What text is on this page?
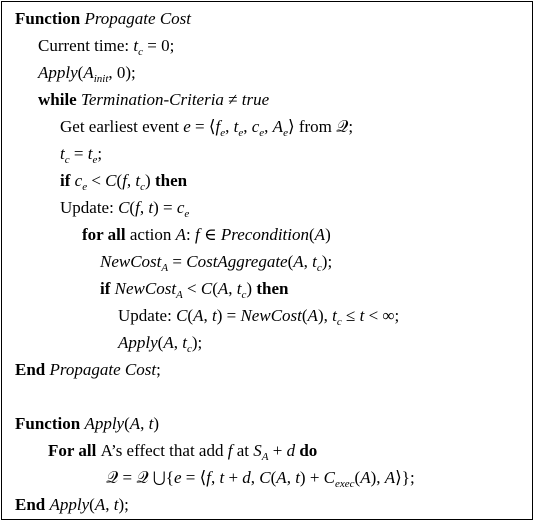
Function Propagate Cost
Current time: $t_c = 0$;
$Apply(A_{init}$, 0);
while Termination-Criteria ≠ true
Get earliest event $e = ⟨f_e$, $t_e$, $c_e$, $A_e⟩$ from 𝒬;
$t_c = t_e$;
if $c_e < C(f$, $t_c$) then
Update: C(f, $t) = c_e$
for all action A: f ∈ Precondition(A)
NewCost$_A$ = CostAggregate(A, $t_c$);
if NewCost$_A$ < C(A, $t_c$) then
Update: C(A, t) = NewCost(A), $t_c \le t$ < ∞;
Apply(A, $t_c$);
End Propagate Cost;
Function Apply(A, t)
For all A’s effect that add f at $S_A + d$ do
𝒬 = 𝒬 ⋃{e = ⟨f, t + d, C(A, $t) + C_{exec}(A)$, A⟩};
End Apply(A, t);
